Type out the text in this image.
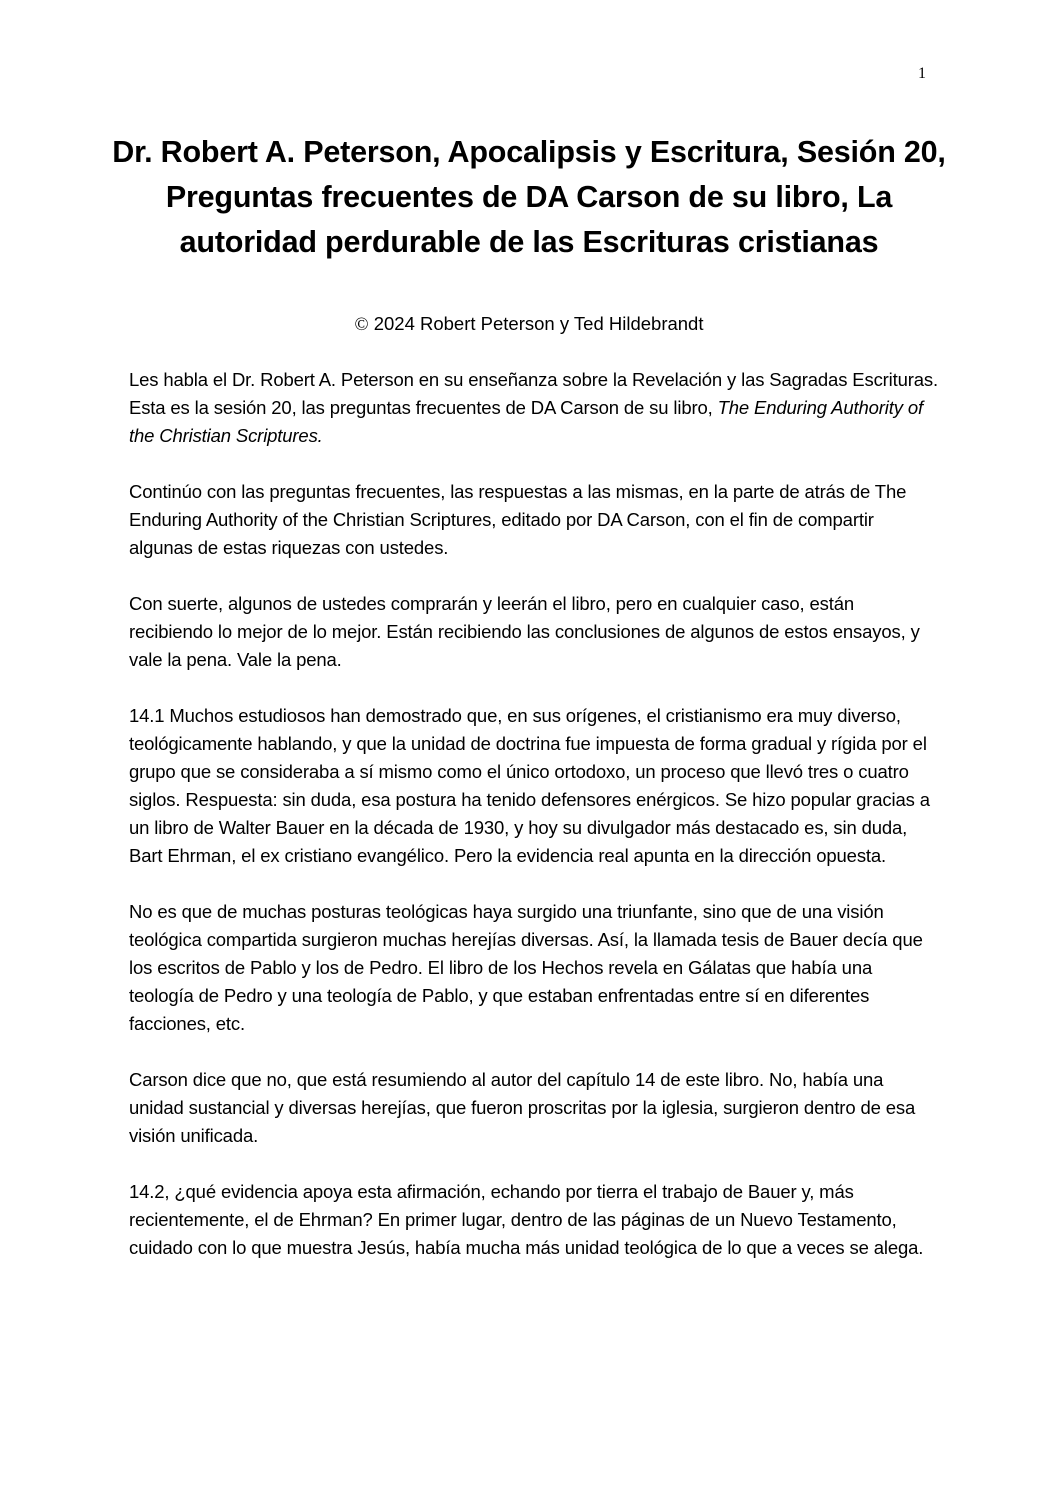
1
Dr. Robert A. Peterson, Apocalipsis y Escritura, Sesión 20, Preguntas frecuentes de DA Carson de su libro, La autoridad perdurable de las Escrituras cristianas
© 2024 Robert Peterson y Ted Hildebrandt

Les habla el Dr. Robert A. Peterson en su enseñanza sobre la Revelación y las Sagradas Escrituras. Esta es la sesión 20, las preguntas frecuentes de DA Carson de su libro, The Enduring Authority of the Christian Scriptures.

Continúo con las preguntas frecuentes, las respuestas a las mismas, en la parte de atrás de The Enduring Authority of the Christian Scriptures, editado por DA Carson, con el fin de compartir algunas de estas riquezas con ustedes.

Con suerte, algunos de ustedes comprarán y leerán el libro, pero en cualquier caso, están recibiendo lo mejor de lo mejor. Están recibiendo las conclusiones de algunos de estos ensayos, y vale la pena. Vale la pena.

14.1 Muchos estudiosos han demostrado que, en sus orígenes, el cristianismo era muy diverso, teológicamente hablando, y que la unidad de doctrina fue impuesta de forma gradual y rígida por el grupo que se consideraba a sí mismo como el único ortodoxo, un proceso que llevó tres o cuatro siglos. Respuesta: sin duda, esa postura ha tenido defensores enérgicos. Se hizo popular gracias a un libro de Walter Bauer en la década de 1930, y hoy su divulgador más destacado es, sin duda, Bart Ehrman, el ex cristiano evangélico. Pero la evidencia real apunta en la dirección opuesta.

No es que de muchas posturas teológicas haya surgido una triunfante, sino que de una visión teológica compartida surgieron muchas herejías diversas. Así, la llamada tesis de Bauer decía que los escritos de Pablo y los de Pedro. El libro de los Hechos revela en Gálatas que había una teología de Pedro y una teología de Pablo, y que estaban enfrentadas entre sí en diferentes facciones, etc.

Carson dice que no, que está resumiendo al autor del capítulo 14 de este libro. No, había una unidad sustancial y diversas herejías, que fueron proscritas por la iglesia, surgieron dentro de esa visión unificada.

14.2, ¿qué evidencia apoya esta afirmación, echando por tierra el trabajo de Bauer y, más recientemente, el de Ehrman? En primer lugar, dentro de las páginas de un Nuevo Testamento, cuidado con lo que muestra Jesús, había mucha más unidad teológica de lo que a veces se alega.
